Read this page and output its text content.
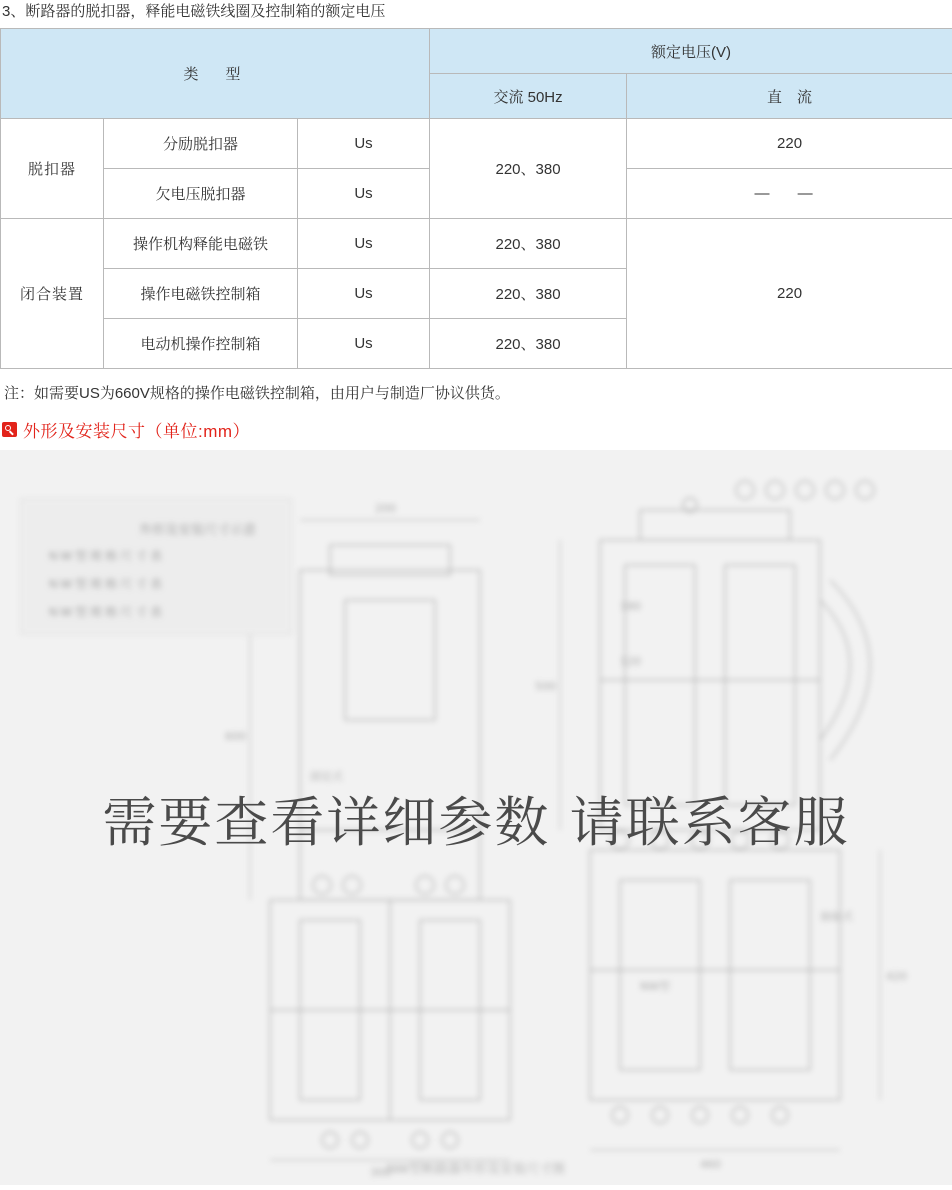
3、断路器的脱扣器，释能电磁铁线圈及控制箱的额定电压
类　型			额定电压(V)	
			交流 50Hz	直　流
脱扣器	分励脱扣器	Us	220、380	220
	欠电压脱扣器	Us		— —
闭合装置	操作机构释能电磁铁	Us	220、380	220
	操作电磁铁控制箱	Us	220、380	
	电动机操作控制箱	Us	220、380	
注：如需要US为660V规格的操作电磁铁控制箱，由用户与制造厂协议供货。
外形及安装尺寸（单位:mm）
600
200
500
460
300
420
180
120
NW型
固定式
抽屉式
外形及安装尺寸示意
NW型规格尺寸表
NW型规格尺寸表
NW型规格尺寸表
NW型断路器外形及安装尺寸图
需要查看详细参数 请联系客服
